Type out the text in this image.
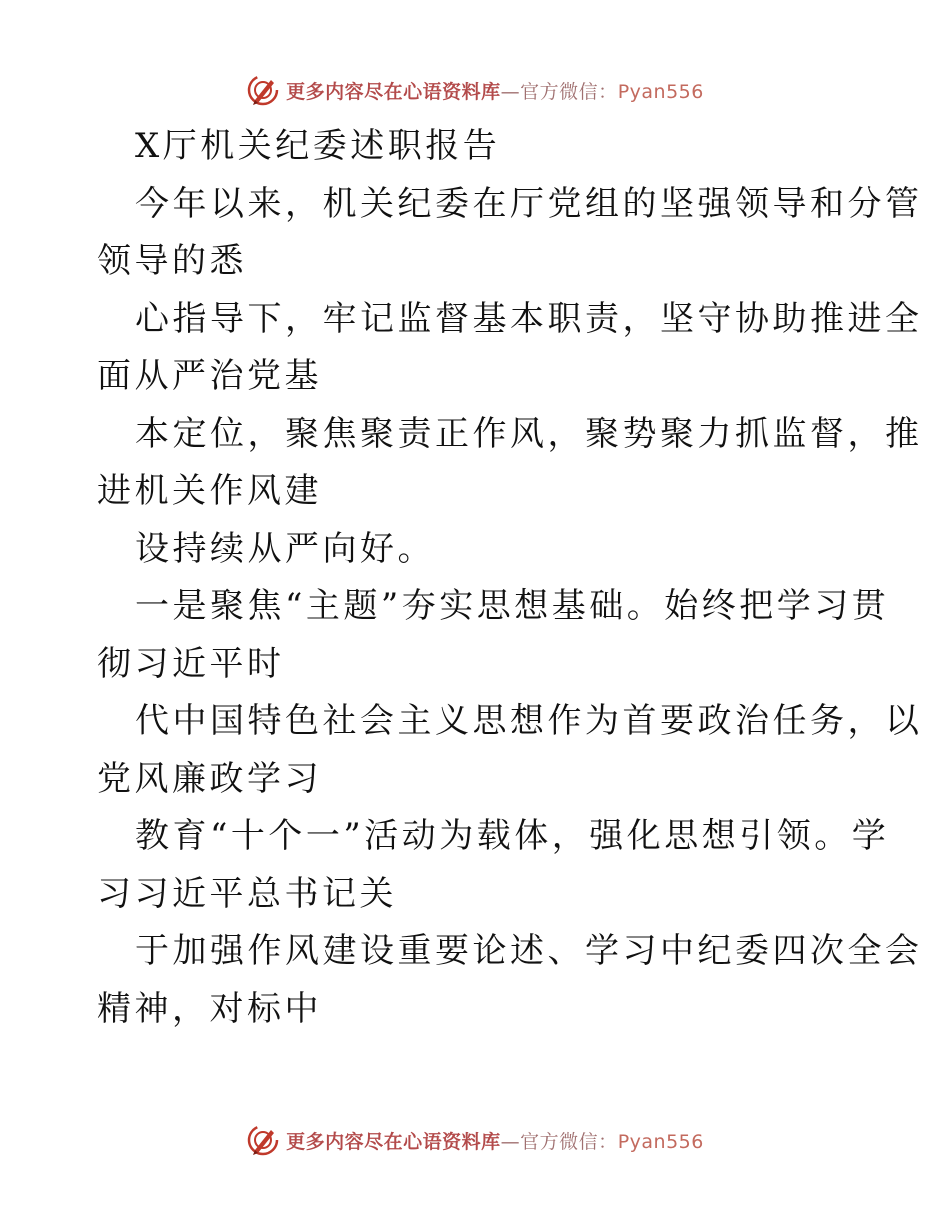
更多内容尽在心语资料库—官方微信：Pyan556
X厅机关纪委述职报告
今年以来，机关纪委在厅党组的坚强领导和分管
领导的悉
心指导下，牢记监督基本职责，坚守协助推进全
面从严治党基
本定位，聚焦聚责正作风，聚势聚力抓监督，推
进机关作风建
设持续从严向好。
一是聚焦“主题”夯实思想基础。始终把学习贯
彻习近平时
代中国特色社会主义思想作为首要政治任务，以
党风廉政学习
教育“十个一”活动为载体，强化思想引领。学
习习近平总书记关
于加强作风建设重要论述、学习中纪委四次全会
精神，对标中
更多内容尽在心语资料库—官方微信：Pyan556
